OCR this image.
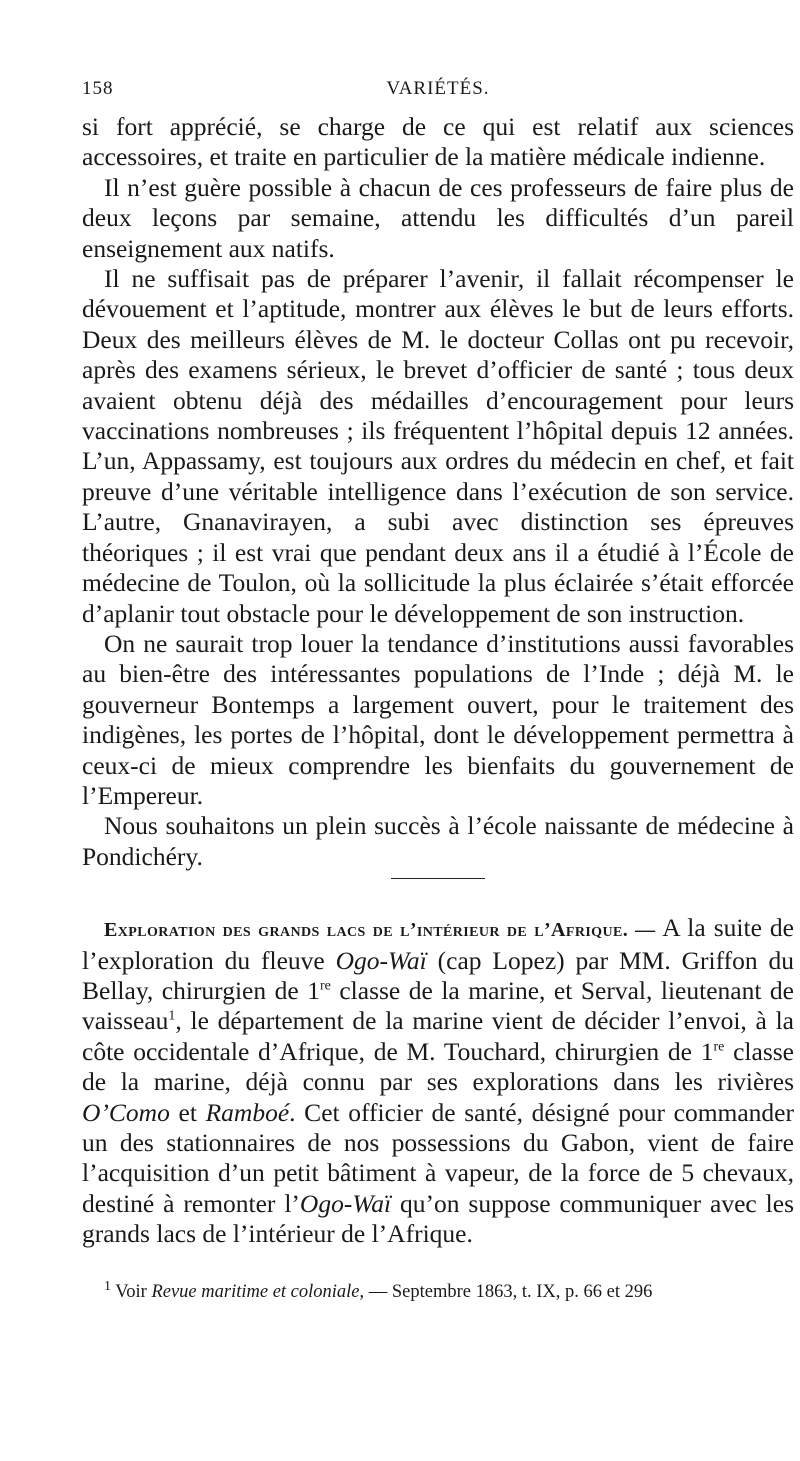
158	VARIÉTÉS.

si fort apprécié, se charge de ce qui est relatif aux sciences accessoires, et traite en particulier de la matière médicale indienne.

Il n’est guère possible à chacun de ces professeurs de faire plus de deux leçons par semaine, attendu les difficultés d’un pareil enseignement aux natifs.

Il ne suffisait pas de préparer l’avenir, il fallait récompenser le dévouement et l’aptitude, montrer aux élèves le but de leurs efforts. Deux des meilleurs élèves de M. le docteur Collas ont pu recevoir, après des examens sérieux, le brevet d’officier de santé ; tous deux avaient obtenu déjà des médailles d’encouragement pour leurs vaccinations nombreuses ; ils fréquentent l’hôpital depuis 12 années. L’un, Appassamy, est toujours aux ordres du médecin en chef, et fait preuve d’une véritable intelligence dans l’exécution de son service. L’autre, Gnanavirayen, a subi avec distinction ses épreuves théoriques ; il est vrai que pendant deux ans il a étudié à l’École de médecine de Toulon, où la sollicitude la plus éclairée s’était efforcée d’aplanir tout obstacle pour le développement de son instruction.

On ne saurait trop louer la tendance d’institutions aussi favorables au bien-être des intéressantes populations de l’Inde ; déjà M. le gouverneur Bontemps a largement ouvert, pour le traitement des indigènes, les portes de l’hôpital, dont le développement permettra à ceux-ci de mieux comprendre les bienfaits du gouvernement de l’Empereur.

Nous souhaitons un plein succès à l’école naissante de médecine à Pondichéry.

Exploration des grands lacs de l’intérieur de l’Afrique. — A la suite de l’exploration du fleuve Ogo-Waï (cap Lopez) par MM. Griffon du Bellay, chirurgien de 1re classe de la marine, et Serval, lieutenant de vaisseau$^1$, le département de la marine vient de décider l’envoi, à la côte occidentale d’Afrique, de M. Touchard, chirurgien de 1re classe de la marine, déjà connu par ses explorations dans les rivières O’Como et Ramboé. Cet officier de santé, désigné pour commander un des stationnaires de nos possessions du Gabon, vient de faire l’acquisition d’un petit bâtiment à vapeur, de la force de 5 chevaux, destiné à remonter l’Ogo-Waï qu’on suppose communiquer avec les grands lacs de l’intérieur de l’Afrique.

$^1$ Voir Revue maritime et coloniale, — Septembre 1863, t. IX, p. 66 et 296
